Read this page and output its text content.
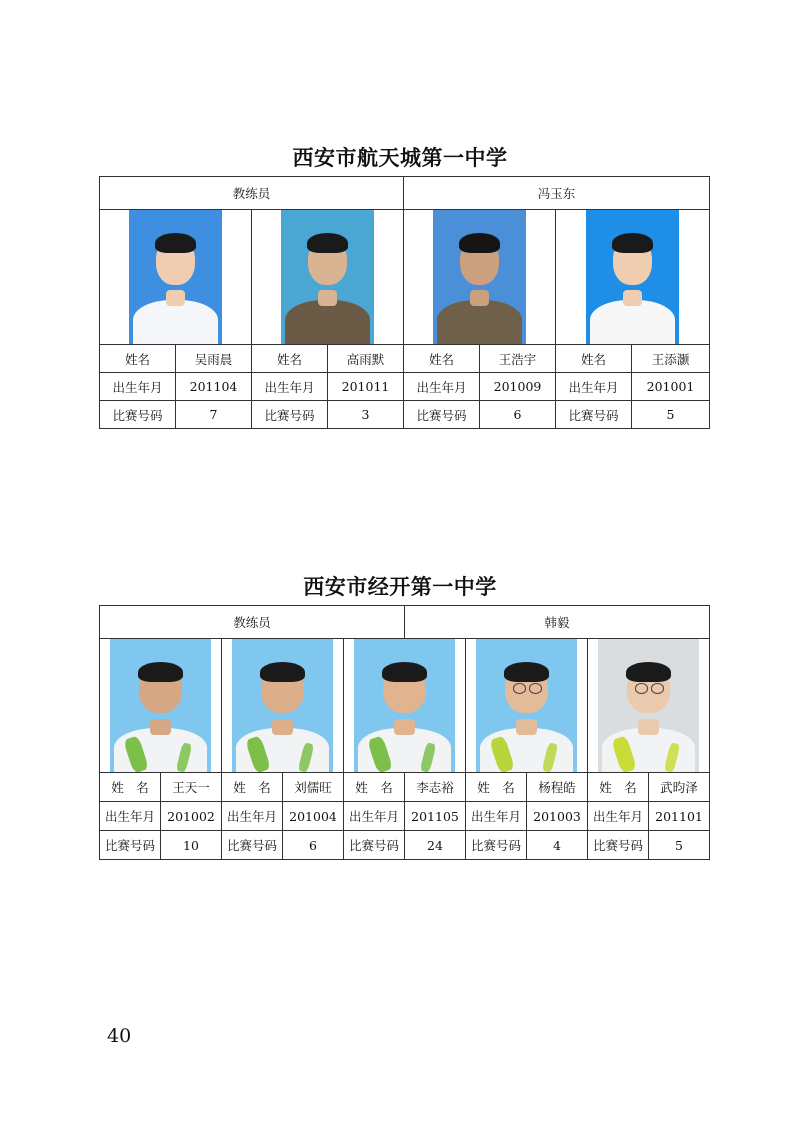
西安市航天城第一中学
教练员				冯玉东			

姓名	吴雨晨	姓名	高雨默	姓名	王浩宇	姓名	王添灏
出生年月	201104	出生年月	201011	出生年月	201009	出生年月	201001
比赛号码	7	比赛号码	3	比赛号码	6	比赛号码	5
西安市经开第一中学
教练员					韩毅				

姓　名	王天一	姓　名	刘儒旺	姓　名	李志裕	姓　名	杨程皓	姓　名	武昀泽
出生年月	201002	出生年月	201004	出生年月	201105	出生年月	201003	出生年月	201101
比赛号码	10	比赛号码	6	比赛号码	24	比赛号码	4	比赛号码	5
40
